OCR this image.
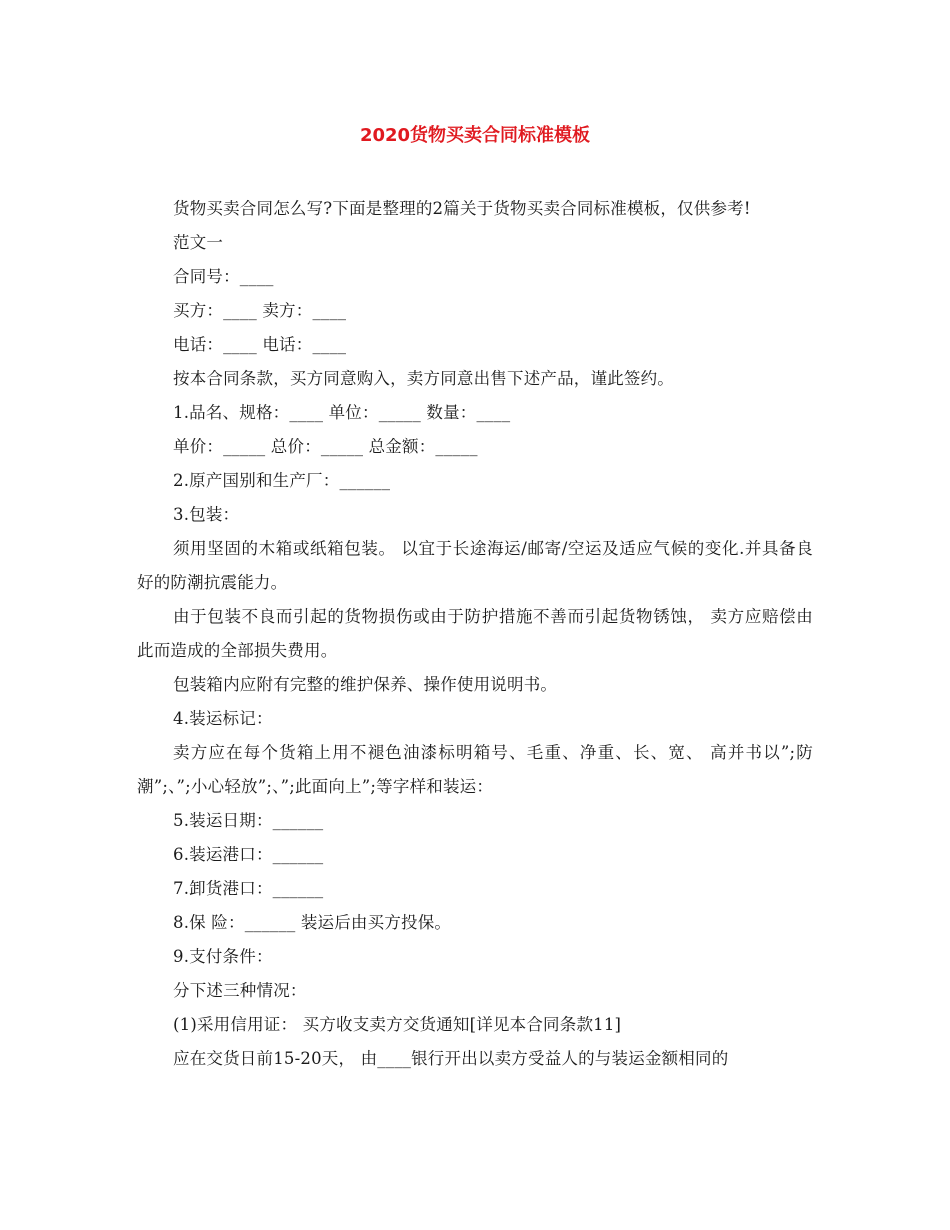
2020货物买卖合同标准模板

货物买卖合同怎么写?下面是整理的2篇关于货物买卖合同标准模板，仅供参考!

范文一

合同号：____

买方：____ 卖方：____

电话：____ 电话：____

按本合同条款，买方同意购入，卖方同意出售下述产品，谨此签约。

1.品名、规格：____ 单位：_____ 数量：____

单价：_____ 总价：_____ 总金额：_____

2.原产国别和生产厂：______

3.包装：

须用坚固的木箱或纸箱包装。 以宜于长途海运/邮寄/空运及适应气候的变化.并具备良好的防潮抗震能力。

由于包装不良而引起的货物损伤或由于防护措施不善而引起货物锈蚀， 卖方应赔偿由此而造成的全部损失费用。

包装箱内应附有完整的维护保养、操作使用说明书。

4.装运标记：

卖方应在每个货箱上用不褪色油漆标明箱号、毛重、净重、长、宽、 高并书以”;防潮”;、”;小心轻放”;、”;此面向上”;等字样和装运：

5.装运日期：______

6.装运港口：______

7.卸货港口：______

8.保 险：______ 装运后由买方投保。

9.支付条件：

分下述三种情况：

(1)采用信用证： 买方收支卖方交货通知[详见本合同条款11]

应在交货日前15-20天， 由____银行开出以卖方受益人的与装运金额相同的
